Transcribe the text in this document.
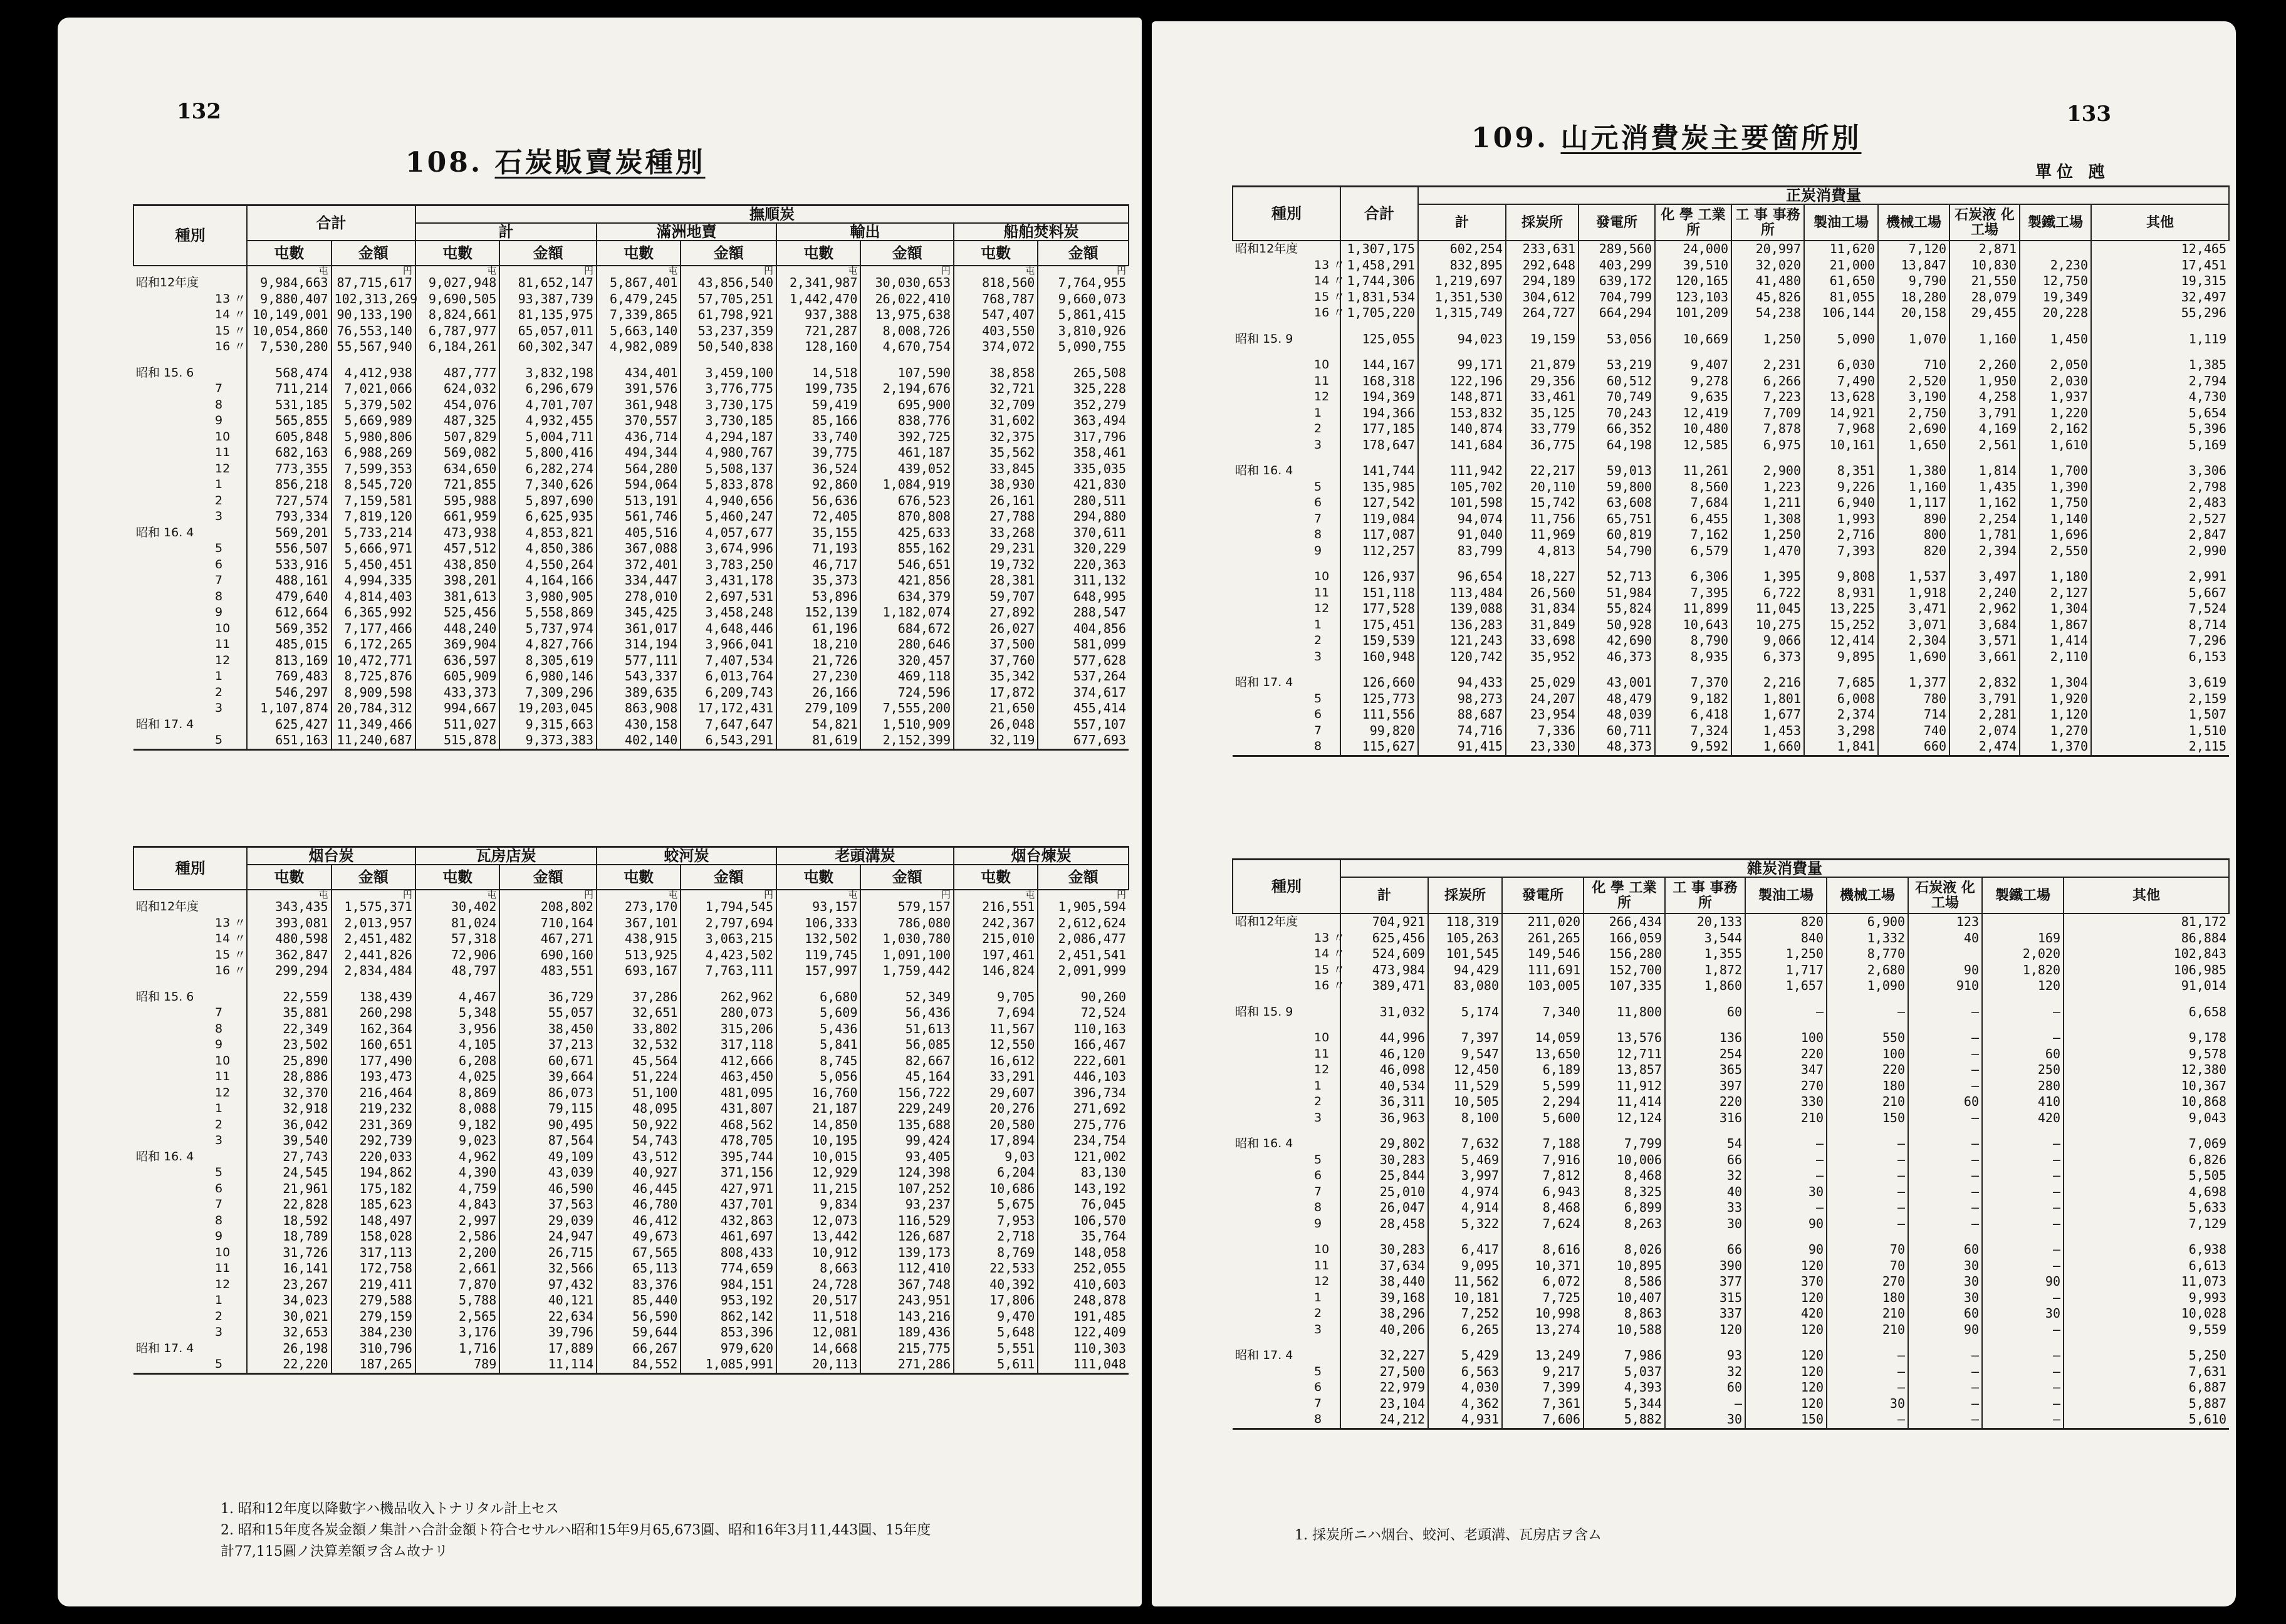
132
108. 石炭販賣炭種別
種別	合計		撫順炭							
			計		滿洲地賣		輸出		船舶焚料炭	
	屯數	金額	屯數	金額	屯數	金額	屯數	金額	屯數	金額
	屯	円	屯	円	屯	円	屯	円	屯	円
昭和12年度	9,984,663	87,715,617	9,027,948	81,652,147	5,867,401	43,856,540	2,341,987	30,030,653	818,560	7,764,955
13 〃	9,880,407	102,313,269	9,690,505	93,387,739	6,479,245	57,705,251	1,442,470	26,022,410	768,787	9,660,073
14 〃	10,149,001	90,133,190	8,824,661	81,135,975	7,339,865	61,798,921	937,388	13,975,638	547,407	5,861,415
15 〃	10,054,860	76,553,140	6,787,977	65,057,011	5,663,140	53,237,359	721,287	8,008,726	403,550	3,810,926
16 〃	7,530,280	55,567,940	6,184,261	60,302,347	4,982,089	50,540,838	128,160	4,670,754	374,072	5,090,755

昭和 15. 6	568,474	4,412,938	487,777	3,832,198	434,401	3,459,100	14,518	107,590	38,858	265,508
7	711,214	7,021,066	624,032	6,296,679	391,576	3,776,775	199,735	2,194,676	32,721	325,228
8	531,185	5,379,502	454,076	4,701,707	361,948	3,730,175	59,419	695,900	32,709	352,279
9	565,855	5,669,989	487,325	4,932,455	370,557	3,730,185	85,166	838,776	31,602	363,494
10	605,848	5,980,806	507,829	5,004,711	436,714	4,294,187	33,740	392,725	32,375	317,796
11	682,163	6,988,269	569,082	5,800,416	494,344	4,980,767	39,775	461,187	35,562	358,461
12	773,355	7,599,353	634,650	6,282,274	564,280	5,508,137	36,524	439,052	33,845	335,035
1	856,218	8,545,720	721,855	7,340,626	594,064	5,833,878	92,860	1,084,919	38,930	421,830
2	727,574	7,159,581	595,988	5,897,690	513,191	4,940,656	56,636	676,523	26,161	280,511
3	793,334	7,819,120	661,959	6,625,935	561,746	5,460,247	72,405	870,808	27,788	294,880
昭和 16. 4	569,201	5,733,214	473,938	4,853,821	405,516	4,057,677	35,155	425,633	33,268	370,611
5	556,507	5,666,971	457,512	4,850,386	367,088	3,674,996	71,193	855,162	29,231	320,229
6	533,916	5,450,451	438,850	4,550,264	372,401	3,783,250	46,717	546,651	19,732	220,363
7	488,161	4,994,335	398,201	4,164,166	334,447	3,431,178	35,373	421,856	28,381	311,132
8	479,640	4,814,403	381,613	3,980,905	278,010	2,697,531	53,896	634,379	59,707	648,995
9	612,664	6,365,992	525,456	5,558,869	345,425	3,458,248	152,139	1,182,074	27,892	288,547
10	569,352	7,177,466	448,240	5,737,974	361,017	4,648,446	61,196	684,672	26,027	404,856
11	485,015	6,172,265	369,904	4,827,766	314,194	3,966,041	18,210	280,646	37,500	581,099
12	813,169	10,472,771	636,597	8,305,619	577,111	7,407,534	21,726	320,457	37,760	577,628
1	769,483	8,725,876	605,909	6,980,146	543,337	6,013,764	27,230	469,118	35,342	537,264
2	546,297	8,909,598	433,373	7,309,296	389,635	6,209,743	26,166	724,596	17,872	374,617
3	1,107,874	20,784,312	994,667	19,203,045	863,908	17,172,431	279,109	7,555,200	21,650	455,414
昭和 17. 4	625,427	11,349,466	511,027	9,315,663	430,158	7,647,647	54,821	1,510,909	26,048	557,107
5	651,163	11,240,687	515,878	9,373,383	402,140	6,543,291	81,619	2,152,399	32,119	677,693
種別	烟台炭		瓦房店炭		蛟河炭		老頭溝炭		烟台煉炭	
	屯數	金額	屯數	金額	屯數	金額	屯數	金額	屯數	金額
	屯	円	屯	円	屯	円	屯	円	屯	円
昭和12年度	343,435	1,575,371	30,402	208,802	273,170	1,794,545	93,157	579,157	216,551	1,905,594
13 〃	393,081	2,013,957	81,024	710,164	367,101	2,797,694	106,333	786,080	242,367	2,612,624
14 〃	480,598	2,451,482	57,318	467,271	438,915	3,063,215	132,502	1,030,780	215,010	2,086,477
15 〃	362,847	2,441,826	72,906	690,160	513,925	4,423,502	119,745	1,091,100	197,461	2,451,541
16 〃	299,294	2,834,484	48,797	483,551	693,167	7,763,111	157,997	1,759,442	146,824	2,091,999

昭和 15. 6	22,559	138,439	4,467	36,729	37,286	262,962	6,680	52,349	9,705	90,260
7	35,881	260,298	5,348	55,057	32,651	280,073	5,609	56,436	7,694	72,524
8	22,349	162,364	3,956	38,450	33,802	315,206	5,436	51,613	11,567	110,163
9	23,502	160,651	4,105	37,213	32,532	317,118	5,841	56,085	12,550	166,467
10	25,890	177,490	6,208	60,671	45,564	412,666	8,745	82,667	16,612	222,601
11	28,886	193,473	4,025	39,664	51,224	463,450	5,056	45,164	33,291	446,103
12	32,370	216,464	8,869	86,073	51,100	481,095	16,760	156,722	29,607	396,734
1	32,918	219,232	8,088	79,115	48,095	431,807	21,187	229,249	20,276	271,692
2	36,042	231,369	9,182	90,495	50,922	468,562	14,850	135,688	20,580	275,776
3	39,540	292,739	9,023	87,564	54,743	478,705	10,195	99,424	17,894	234,754
昭和 16. 4	27,743	220,033	4,962	49,109	43,512	395,744	10,015	93,405	9,03	121,002
5	24,545	194,862	4,390	43,039	40,927	371,156	12,929	124,398	6,204	83,130
6	21,961	175,182	4,759	46,590	46,445	427,971	11,215	107,252	10,686	143,192
7	22,828	185,623	4,843	37,563	46,780	437,701	9,834	93,237	5,675	76,045
8	18,592	148,497	2,997	29,039	46,412	432,863	12,073	116,529	7,953	106,570
9	18,789	158,028	2,586	24,947	49,673	461,697	13,442	126,687	2,718	35,764
10	31,726	317,113	2,200	26,715	67,565	808,433	10,912	139,173	8,769	148,058
11	16,141	172,758	2,661	32,566	65,113	774,659	8,663	112,410	22,533	252,055
12	23,267	219,411	7,870	97,432	83,376	984,151	24,728	367,748	40,392	410,603
1	34,023	279,588	5,788	40,121	85,440	953,192	20,517	243,951	17,806	248,878
2	30,021	279,159	2,565	22,634	56,590	862,142	11,518	143,216	9,470	191,485
3	32,653	384,230	3,176	39,796	59,644	853,396	12,081	189,436	5,648	122,409
昭和 17. 4	26,198	310,796	1,716	17,889	66,267	979,620	14,668	215,775	5,551	110,303
5	22,220	187,265	789	11,114	84,552	1,085,991	20,113	271,286	5,611	111,048
1. 昭和12年度以降數字ハ機品收入トナリタル計上セス
2. 昭和15年度各炭金額ノ集計ハ合計金額ト符合セサルハ昭和15年9月65,673圓、昭和16年3月11,443圓、15年度
計77,115圓ノ決算差額ヲ含ム故ナリ
133
109. 山元消費炭主要箇所別
單位 瓲
種別	合計	正炭消費量									
		計	採炭所	發電所	化 學 工業所	工 事 事務所	製油工場	機械工場	石炭液 化工場	製鐵工場	其他
昭和12年度	1,307,175	602,254	233,631	289,560	24,000	20,997	11,620	7,120	2,871		12,465
13 〃	1,458,291	832,895	292,648	403,299	39,510	32,020	21,000	13,847	10,830	2,230	17,451
14 〃	1,744,306	1,219,697	294,189	639,172	120,165	41,480	61,650	9,790	21,550	12,750	19,315
15 〃	1,831,534	1,351,530	304,612	704,799	123,103	45,826	81,055	18,280	28,079	19,349	32,497
16 〃	1,705,220	1,315,749	264,727	664,294	101,209	54,238	106,144	20,158	29,455	20,228	55,296

昭和 15. 9	125,055	94,023	19,159	53,056	10,669	1,250	5,090	1,070	1,160	1,450	1,119

10	144,167	99,171	21,879	53,219	9,407	2,231	6,030	710	2,260	2,050	1,385
11	168,318	122,196	29,356	60,512	9,278	6,266	7,490	2,520	1,950	2,030	2,794
12	194,369	148,871	33,461	70,749	9,635	7,223	13,628	3,190	4,258	1,937	4,730
1	194,366	153,832	35,125	70,243	12,419	7,709	14,921	2,750	3,791	1,220	5,654
2	177,185	140,874	33,779	66,352	10,480	7,878	7,968	2,690	4,169	2,162	5,396
3	178,647	141,684	36,775	64,198	12,585	6,975	10,161	1,650	2,561	1,610	5,169

昭和 16. 4	141,744	111,942	22,217	59,013	11,261	2,900	8,351	1,380	1,814	1,700	3,306
5	135,985	105,702	20,110	59,800	8,560	1,223	9,226	1,160	1,435	1,390	2,798
6	127,542	101,598	15,742	63,608	7,684	1,211	6,940	1,117	1,162	1,750	2,483
7	119,084	94,074	11,756	65,751	6,455	1,308	1,993	890	2,254	1,140	2,527
8	117,087	91,040	11,969	60,819	7,162	1,250	2,716	800	1,781	1,696	2,847
9	112,257	83,799	4,813	54,790	6,579	1,470	7,393	820	2,394	2,550	2,990

10	126,937	96,654	18,227	52,713	6,306	1,395	9,808	1,537	3,497	1,180	2,991
11	151,118	113,484	26,560	51,984	7,395	6,722	8,931	1,918	2,240	2,127	5,667
12	177,528	139,088	31,834	55,824	11,899	11,045	13,225	3,471	2,962	1,304	7,524
1	175,451	136,283	31,849	50,928	10,643	10,275	15,252	3,071	3,684	1,867	8,714
2	159,539	121,243	33,698	42,690	8,790	9,066	12,414	2,304	3,571	1,414	7,296
3	160,948	120,742	35,952	46,373	8,935	6,373	9,895	1,690	3,661	2,110	6,153

昭和 17. 4	126,660	94,433	25,029	43,001	7,370	2,216	7,685	1,377	2,832	1,304	3,619
5	125,773	98,273	24,207	48,479	9,182	1,801	6,008	780	3,791	1,920	2,159
6	111,556	88,687	23,954	48,039	6,418	1,677	2,374	714	2,281	1,120	1,507
7	99,820	74,716	7,336	60,711	7,324	1,453	3,298	740	2,074	1,270	1,510
8	115,627	91,415	23,330	48,373	9,592	1,660	1,841	660	2,474	1,370	2,115
種別	雜炭消費量									
	計	採炭所	發電所	化 學 工業所	工 事 事務所	製油工場	機械工場	石炭液 化工場	製鐵工場	其他
昭和12年度	704,921	118,319	211,020	266,434	20,133	820	6,900	123		81,172
13 〃	625,456	105,263	261,265	166,059	3,544	840	1,332	40	169	86,884
14 〃	524,609	101,545	149,546	156,280	1,355	1,250	8,770		2,020	102,843
15 〃	473,984	94,429	111,691	152,700	1,872	1,717	2,680	90	1,820	106,985
16 〃	389,471	83,080	103,005	107,335	1,860	1,657	1,090	910	120	91,014

昭和 15. 9	31,032	5,174	7,340	11,800	60	—	—	—	—	6,658

10	44,996	7,397	14,059	13,576	136	100	550	—	—	9,178
11	46,120	9,547	13,650	12,711	254	220	100	—	60	9,578
12	46,098	12,450	6,189	13,857	365	347	220	—	250	12,380
1	40,534	11,529	5,599	11,912	397	270	180	—	280	10,367
2	36,311	10,505	2,294	11,414	220	330	210	60	410	10,868
3	36,963	8,100	5,600	12,124	316	210	150	—	420	9,043

昭和 16. 4	29,802	7,632	7,188	7,799	54	—	—	—	—	7,069
5	30,283	5,469	7,916	10,006	66	—	—	—	—	6,826
6	25,844	3,997	7,812	8,468	32	—	—	—	—	5,505
7	25,010	4,974	6,943	8,325	40	30	—	—	—	4,698
8	26,047	4,914	8,468	6,899	33	—	—	—	—	5,633
9	28,458	5,322	7,624	8,263	30	90	—	—	—	7,129

10	30,283	6,417	8,616	8,026	66	90	70	60	—	6,938
11	37,634	9,095	10,371	10,895	390	120	70	30	—	6,613
12	38,440	11,562	6,072	8,586	377	370	270	30	90	11,073
1	39,168	10,181	7,725	10,407	315	120	180	30	—	9,993
2	38,296	7,252	10,998	8,863	337	420	210	60	30	10,028
3	40,206	6,265	13,274	10,588	120	120	210	90	—	9,559

昭和 17. 4	32,227	5,429	13,249	7,986	93	120	—	—	—	5,250
5	27,500	6,563	9,217	5,037	32	120	—	—	—	7,631
6	22,979	4,030	7,399	4,393	60	120	—	—	—	6,887
7	23,104	4,362	7,361	5,344	—	120	30	—	—	5,887
8	24,212	4,931	7,606	5,882	30	150	—	—	—	5,610
1. 採炭所ニハ烟台、蛟河、老頭溝、瓦房店ヲ含ム
